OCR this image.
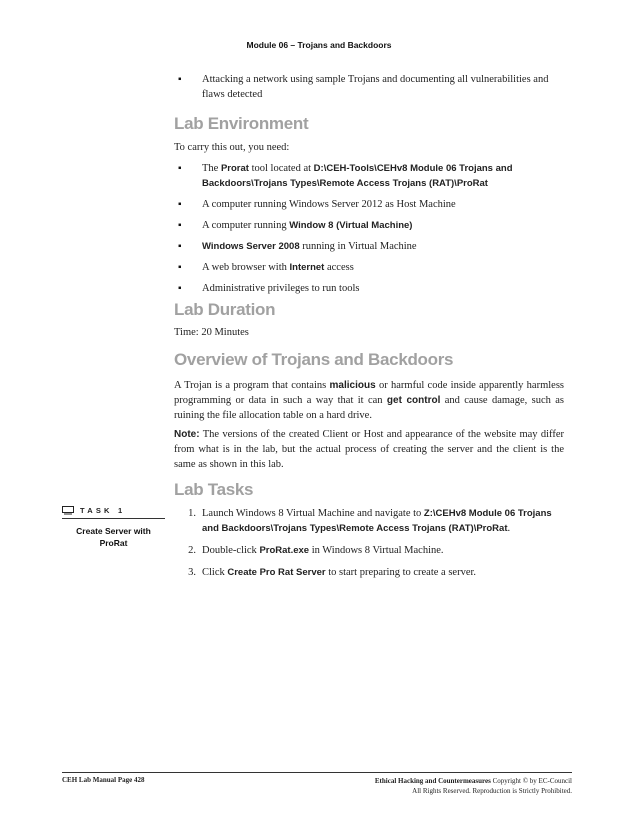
Module 06 – Trojans and Backdoors
▪ Attacking a network using sample Trojans and documenting all vulnerabilities and flaws detected
Lab Environment

To carry this out, you need:

▪ The Prorat tool located at D:\CEH-Tools\CEHv8 Module 06 Trojans and Backdoors\Trojans Types\Remote Access Trojans (RAT)\ProRat
▪ A computer running Windows Server 2012 as Host Machine
▪ A computer running Window 8 (Virtual Machine)
▪ Windows Server 2008 running in Virtual Machine
▪ A web browser with Internet access
▪ Administrative privileges to run tools
Lab Duration

Time: 20 Minutes

Overview of Trojans and Backdoors

A Trojan is a program that contains malicious or harmful code inside apparently harmless programming or data in such a way that it can get control and cause damage, such as ruining the file allocation table on a hard drive.

Note: The versions of the created Client or Host and appearance of the website may differ from what is in the lab, but the actual process of creating the server and the client is the same as shown in this lab.

Lab Tasks
TASK 1
Create Server with ProRat
1. Launch Windows 8 Virtual Machine and navigate to Z:\CEHv8 Module 06 Trojans and Backdoors\Trojans Types\Remote Access Trojans (RAT)\ProRat.
2. Double-click ProRat.exe in Windows 8 Virtual Machine.
3. Click Create Pro Rat Server to start preparing to create a server.
CEH Lab Manual Page 428	Ethical Hacking and Countermeasures Copyright © by EC-Council
All Rights Reserved. Reproduction is Strictly Prohibited.
